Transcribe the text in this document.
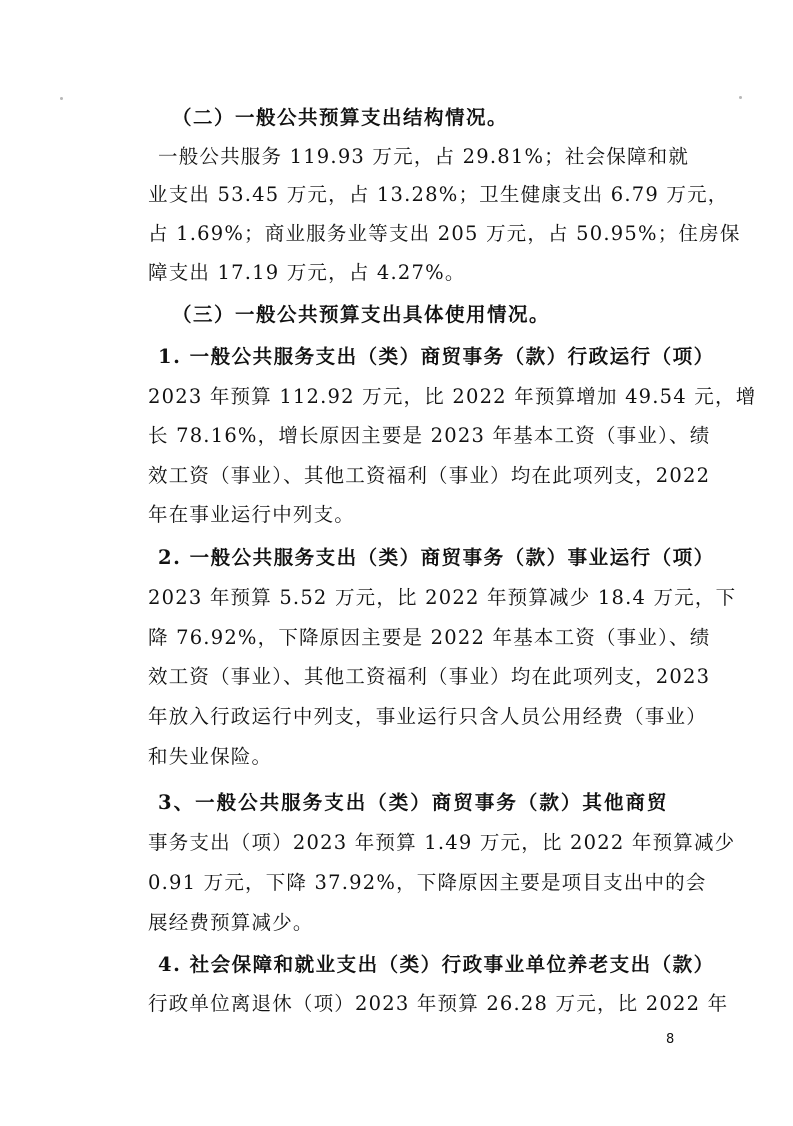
（二）一般公共预算支出结构情况。
一般公共服务 119.93 万元，占 29.81%；社会保障和就
业支出 53.45 万元，占 13.28%；卫生健康支出 6.79 万元，
占 1.69%；商业服务业等支出 205 万元，占 50.95%；住房保
障支出 17.19 万元，占 4.27%。
（三）一般公共预算支出具体使用情况。
1. 一般公共服务支出（类）商贸事务（款）行政运行（项）
2023 年预算 112.92 万元，比 2022 年预算增加 49.54 元，增
长 78.16%，增长原因主要是 2023 年基本工资（事业）、绩
效工资（事业）、其他工资福利（事业）均在此项列支，2022
年在事业运行中列支。
2. 一般公共服务支出（类）商贸事务（款）事业运行（项）
2023 年预算 5.52 万元，比 2022 年预算减少 18.4 万元，下
降 76.92%，下降原因主要是 2022 年基本工资（事业）、绩
效工资（事业）、其他工资福利（事业）均在此项列支，2023
年放入行政运行中列支，事业运行只含人员公用经费（事业）
和失业保险。
3、一般公共服务支出（类）商贸事务（款）其他商贸
事务支出（项）2023 年预算 1.49 万元，比 2022 年预算减少
0.91 万元，下降 37.92%，下降原因主要是项目支出中的会
展经费预算减少。
4. 社会保障和就业支出（类）行政事业单位养老支出（款）
行政单位离退休（项）2023 年预算 26.28 万元，比 2022 年
8
